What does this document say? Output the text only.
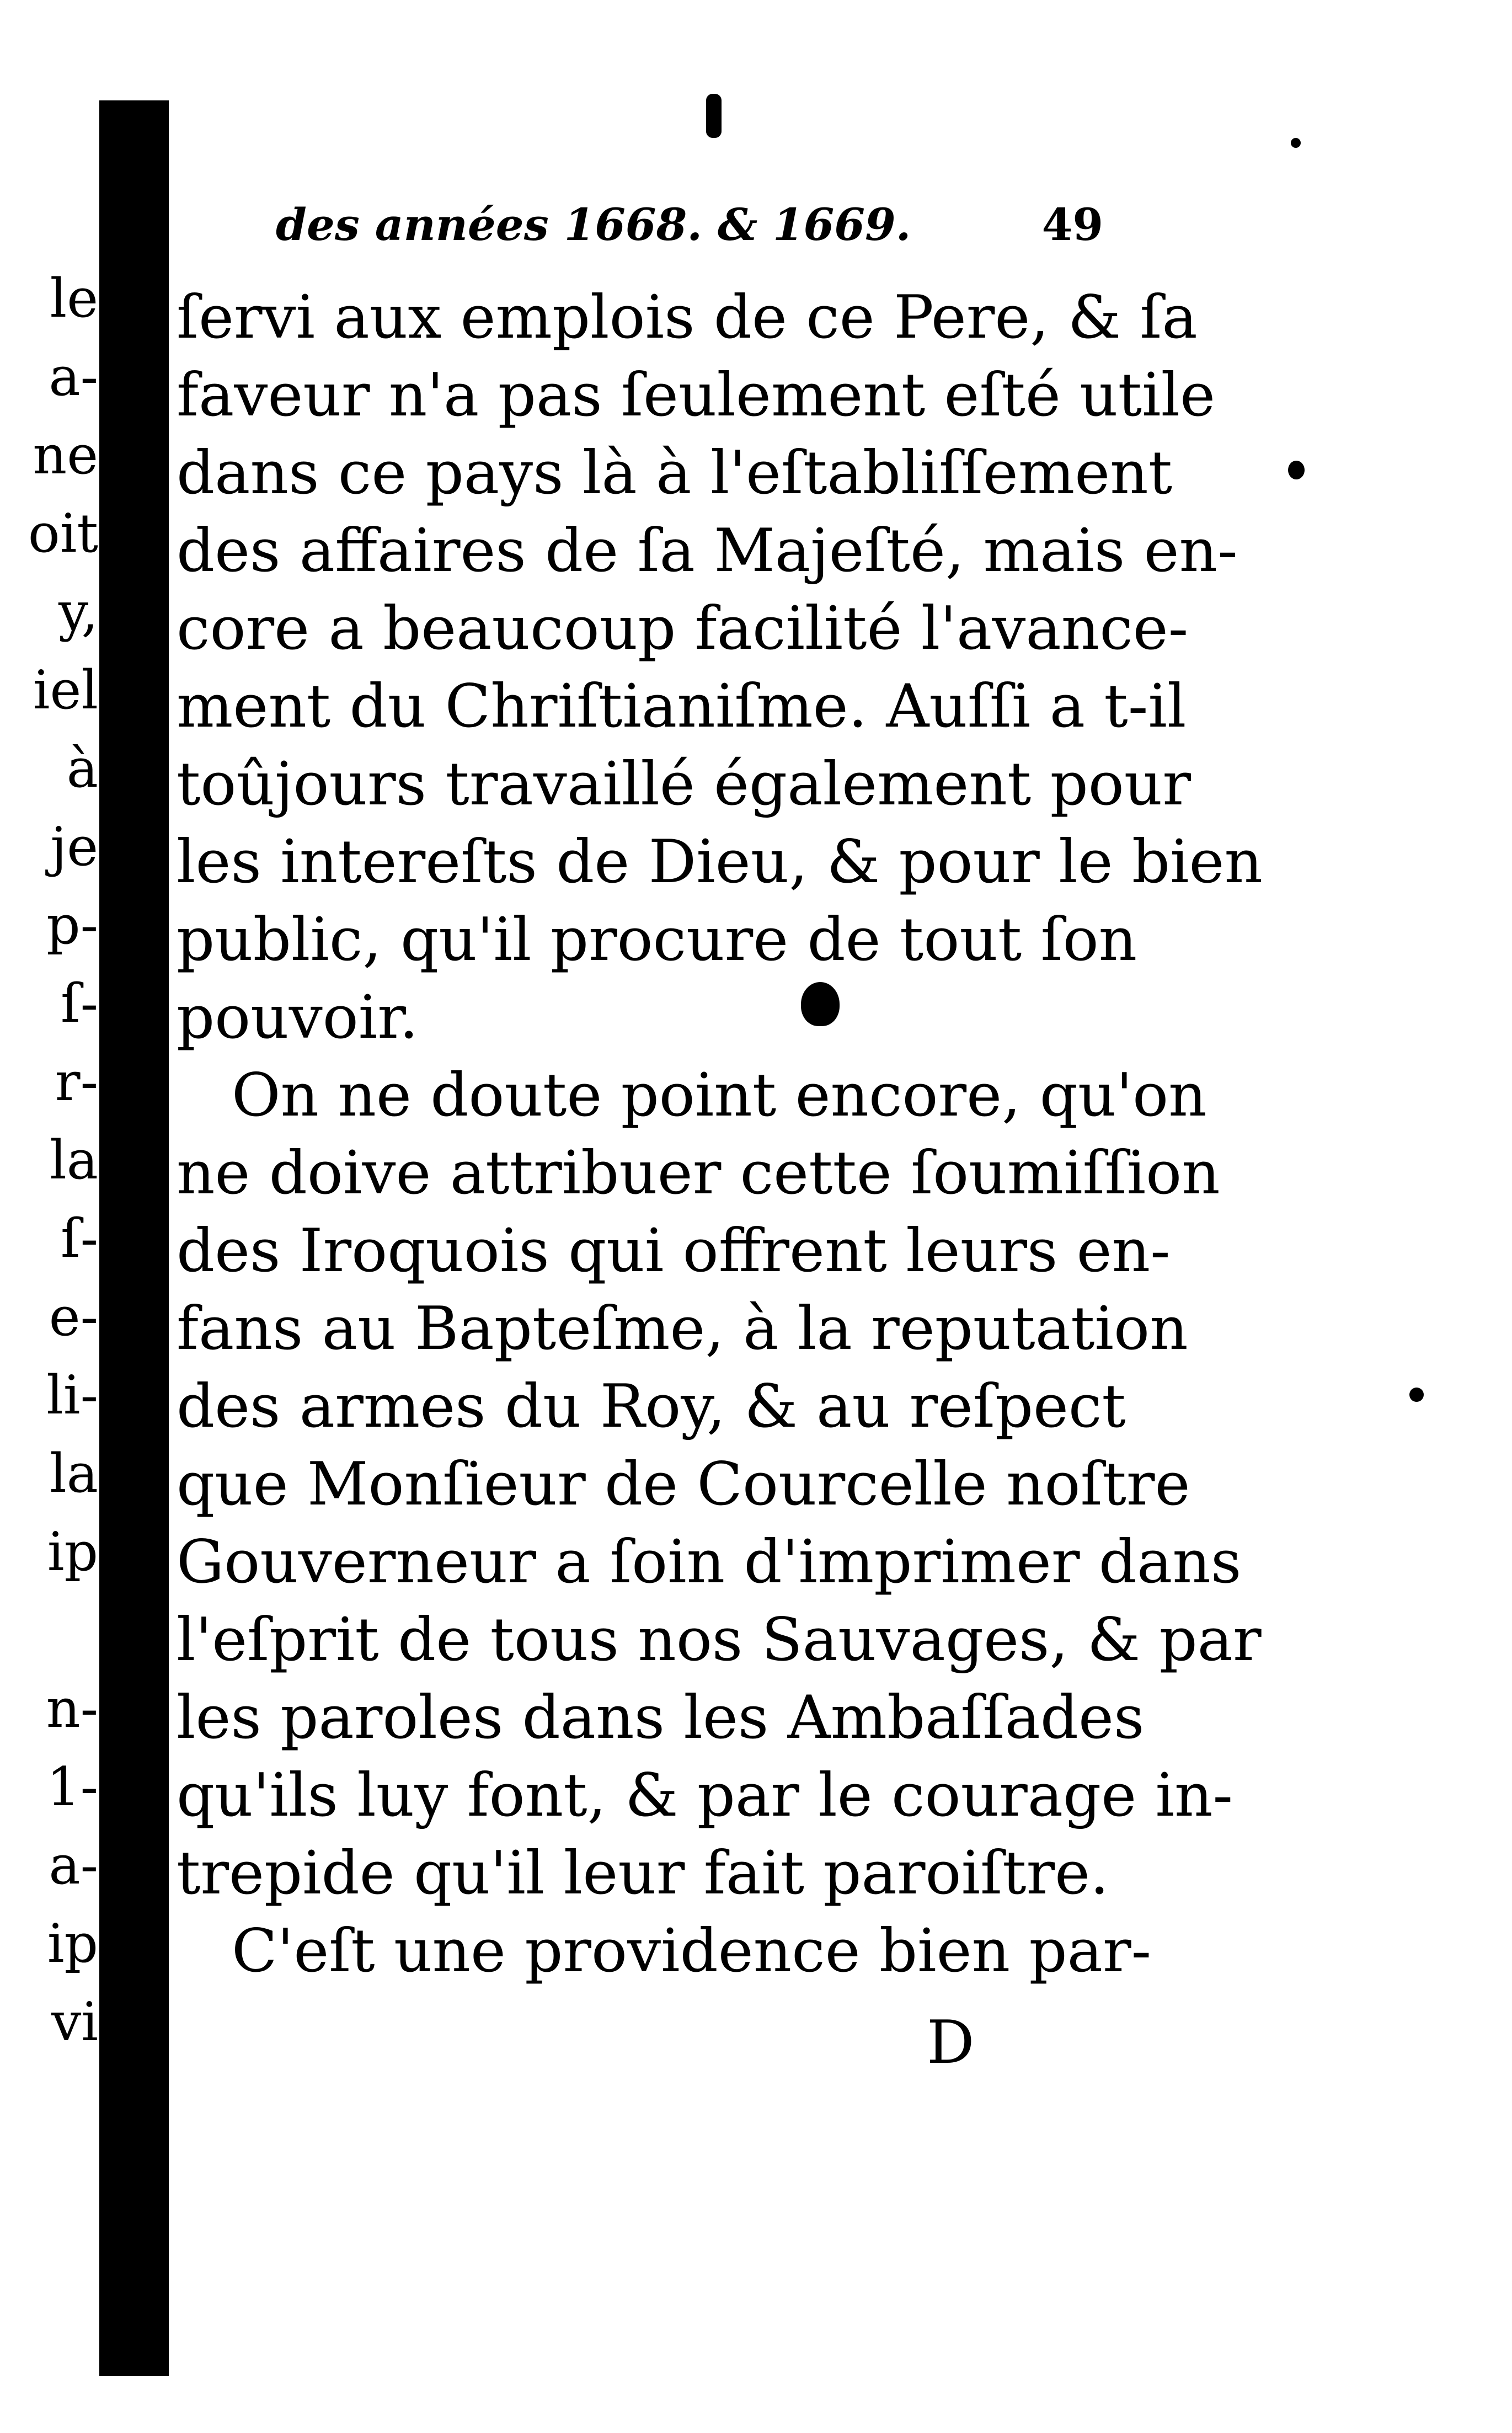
le
a-
ne
oit
y,
iel
à
je
p-
ſ-
r-
la
ſ-
e-
li-
la
ip
n-
1-
a-
ip
vi
des années 1668. & 1669.	49
ſervi aux emplois de ce Pere, & ſa
faveur n'a pas ſeulement eſté utile
dans ce pays là à l'eſtabliſſement
des affaires de ſa Majeſté, mais en-
core a beaucoup facilité l'avance-
ment du Chriſtianiſme. Auſſi a t-il
toûjours travaillé également pour
les intereſts de Dieu, & pour le bien
public, qu'il procure de tout ſon
pouvoir.
On ne doute point encore, qu'on
ne doive attribuer cette ſoumiſſion
des Iroquois qui offrent leurs en-
fans au Bapteſme, à la reputation
des armes du Roy, & au reſpect
que Monſieur de Courcelle noſtre
Gouverneur a ſoin d'imprimer dans
l'eſprit de tous nos Sauvages, & par
les paroles dans les Ambaſſades
qu'ils luy font, & par le courage in-
trepide qu'il leur fait paroiſtre.
C'eſt une providence bien par-
D
